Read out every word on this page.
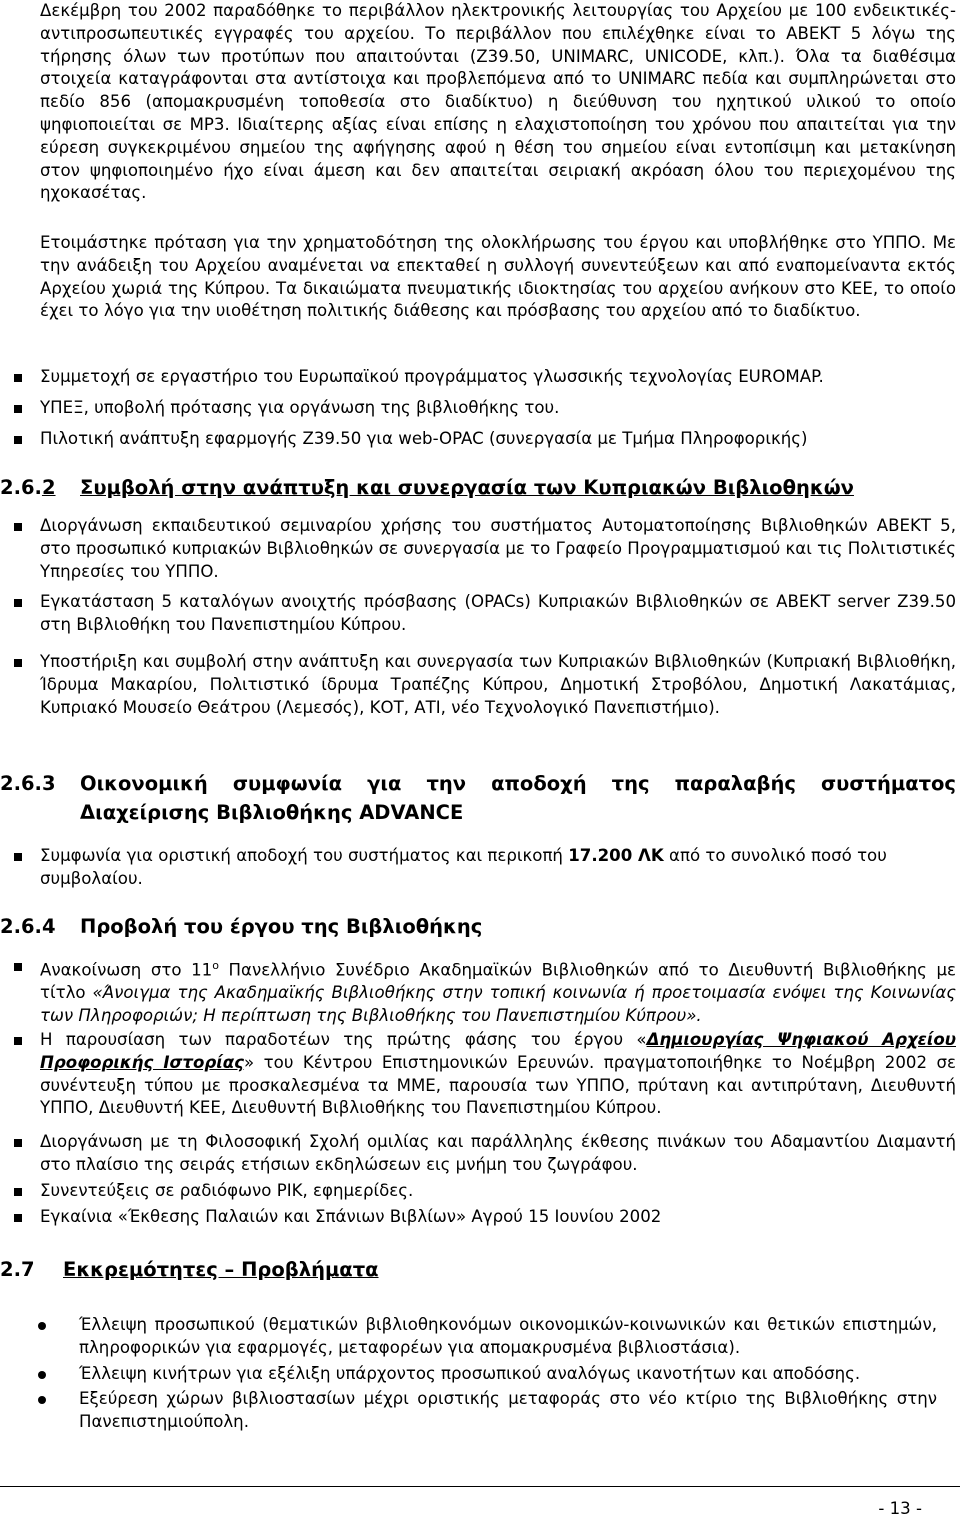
Δεκέμβρη του 2002 παραδόθηκε το περιβάλλον ηλεκτρονικής λειτουργίας του Αρχείου με 100 ενδεικτικές-αντιπροσωπευτικές εγγραφές του αρχείου. Το περιβάλλον που επιλέχθηκε είναι το ΑΒΕΚΤ 5 λόγω της τήρησης όλων των προτύπων που απαιτούνται (Z39.50, UNIMARC, UNICODE, κλπ.). Όλα τα διαθέσιμα στοιχεία καταγράφονται στα αντίστοιχα και προβλεπόμενα από το UNIMARC πεδία και συμπληρώνεται στο πεδίο 856 (απομακρυσμένη τοποθεσία στο διαδίκτυο) η διεύθυνση του ηχητικού υλικού το οποίο ψηφιοποιείται σε MP3. Ιδιαίτερης αξίας είναι επίσης η ελαχιστοποίηση του χρόνου που απαιτείται για την εύρεση συγκεκριμένου σημείου της αφήγησης αφού η θέση του σημείου είναι εντοπίσιμη και μετακίνηση στον ψηφιοποιημένο ήχο είναι άμεση και δεν απαιτείται σειριακή ακρόαση όλου του περιεχομένου της ηχοκασέτας.

Ετοιμάστηκε πρόταση για την χρηματοδότηση της ολοκλήρωσης του έργου και υποβλήθηκε στο ΥΠΠΟ. Με την ανάδειξη του Αρχείου αναμένεται να επεκταθεί η συλλογή συνεντεύξεων και από εναπομείναντα εκτός Αρχείου χωριά της Κύπρου. Τα δικαιώματα πνευματικής ιδιοκτησίας του αρχείου ανήκουν στο ΚΕΕ, το οποίο έχει το λόγο για την υιοθέτηση πολιτικής διάθεσης και πρόσβασης του αρχείου από το διαδίκτυο.

Συμμετοχή σε εργαστήριο του Ευρωπαϊκού προγράμματος γλωσσικής τεχνολογίας EUROMAP.

ΥΠΕΞ, υποβολή πρότασης για οργάνωση της βιβλιοθήκης του.

Πιλοτική ανάπτυξη εφαρμογής Z39.50 για web-OPAC (συνεργασία με Τμήμα Πληροφορικής)

2.6.2 Συμβολή στην ανάπτυξη και συνεργασία των Κυπριακών Βιβλιοθηκών

Διοργάνωση εκπαιδευτικού σεμιναρίου χρήσης του συστήματος Αυτοματοποίησης Βιβλιοθηκών ΑΒΕΚΤ 5, στο προσωπικό κυπριακών Βιβλιοθηκών σε συνεργασία με το Γραφείο Προγραμματισμού και τις Πολιτιστικές Υπηρεσίες του ΥΠΠΟ.

Εγκατάσταση 5 καταλόγων ανοιχτής πρόσβασης (OPACs) Κυπριακών Βιβλιοθηκών σε ΑΒΕΚΤ server Z39.50 στη Βιβλιοθήκη του Πανεπιστημίου Κύπρου.

Υποστήριξη και συμβολή στην ανάπτυξη και συνεργασία των Κυπριακών Βιβλιοθηκών (Κυπριακή Βιβλιοθήκη, Ίδρυμα Μακαρίου, Πολιτιστικό ίδρυμα Τραπέζης Κύπρου, Δημοτική Στροβόλου, Δημοτική Λακατάμιας, Κυπριακό Μουσείο Θεάτρου (Λεμεσός), ΚΟΤ, ΑΤΙ, νέο Τεχνολογικό Πανεπιστήμιο).

2.6.3 Οικονομική συμφωνία για την αποδοχή της παραλαβής συστήματος
Διαχείρισης Βιβλιοθήκης ADVANCE

Συμφωνία για οριστική αποδοχή του συστήματος και περικοπή 17.200 ΛΚ από το συνολικό ποσό του συμβολαίου.

2.6.4 Προβολή του έργου της Βιβλιοθήκης

Ανακοίνωση στο $11^o$ Πανελλήνιο Συνέδριο Ακαδημαϊκών Βιβλιοθηκών από το Διευθυντή Βιβλιοθήκης με τίτλο «Άνοιγμα της Ακαδημαϊκής Βιβλιοθήκης στην τοπική κοινωνία ή προετοιμασία ενόψει της Κοινωνίας των Πληροφοριών; Η περίπτωση της Βιβλιοθήκης του Πανεπιστημίου Κύπρου».

Η παρουσίαση των παραδοτέων της πρώτης φάσης του έργου «Δημιουργίας Ψηφιακού Αρχείου Προφορικής Ιστορίας» του Κέντρου Επιστημονικών Ερευνών. πραγματοποιήθηκε το Νοέμβρη 2002 σε συνέντευξη τύπου με προσκαλεσμένα τα ΜΜΕ, παρουσία των ΥΠΠΟ, πρύτανη και αντιπρύτανη, Διευθυντή ΥΠΠΟ, Διευθυντή ΚΕΕ, Διευθυντή Βιβλιοθήκης του Πανεπιστημίου Κύπρου.

Διοργάνωση με τη Φιλοσοφική Σχολή ομιλίας και παράλληλης έκθεσης πινάκων του Αδαμαντίου Διαμαντή στο πλαίσιο της σειράς ετήσιων εκδηλώσεων εις μνήμη του ζωγράφου.

Συνεντεύξεις σε ραδιόφωνο ΡΙΚ, εφημερίδες.

Εγκαίνια «Έκθεσης Παλαιών και Σπάνιων Βιβλίων» Αγρού 15 Ιουνίου 2002

2.7 Εκκρεμότητες – Προβλήματα

Έλλειψη προσωπικού (θεματικών βιβλιοθηκονόμων οικονομικών-κοινωνικών και θετικών επιστημών, πληροφορικών για εφαρμογές, μεταφορέων για απομακρυσμένα βιβλιοστάσια).

Έλλειψη κινήτρων για εξέλιξη υπάρχοντος προσωπικού αναλόγως ικανοτήτων και αποδόσης.

Εξεύρεση χώρων βιβλιοστασίων μέχρι οριστικής μεταφοράς στο νέο κτίριο της Βιβλιοθήκης στην Πανεπιστημιούπολη.

- 13 -
